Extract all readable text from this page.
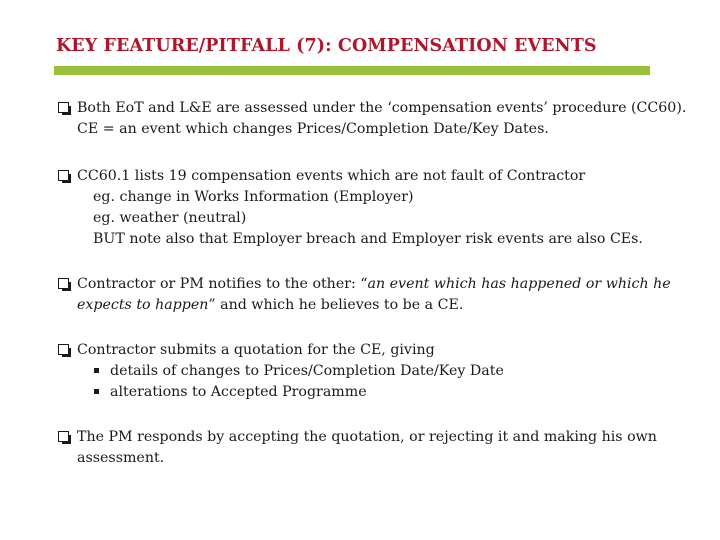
KEY FEATURE/PITFALL (7): COMPENSATION EVENTS
Both EoT and L&E are assessed under the ‘compensation events’ procedure (CC60).
CE = an event which changes Prices/Completion Date/Key Dates.
CC60.1 lists 19 compensation events which are not fault of Contractor
eg. change in Works Information (Employer)
eg. weather (neutral)
BUT note also that Employer breach and Employer risk events are also CEs.
Contractor or PM notifies to the other: “an event which has happened or which he
expects to happen” and which he believes to be a CE.
Contractor submits a quotation for the CE, giving
details of changes to Prices/Completion Date/Key Date
alterations to Accepted Programme
The PM responds by accepting the quotation, or rejecting it and making his own
assessment.
